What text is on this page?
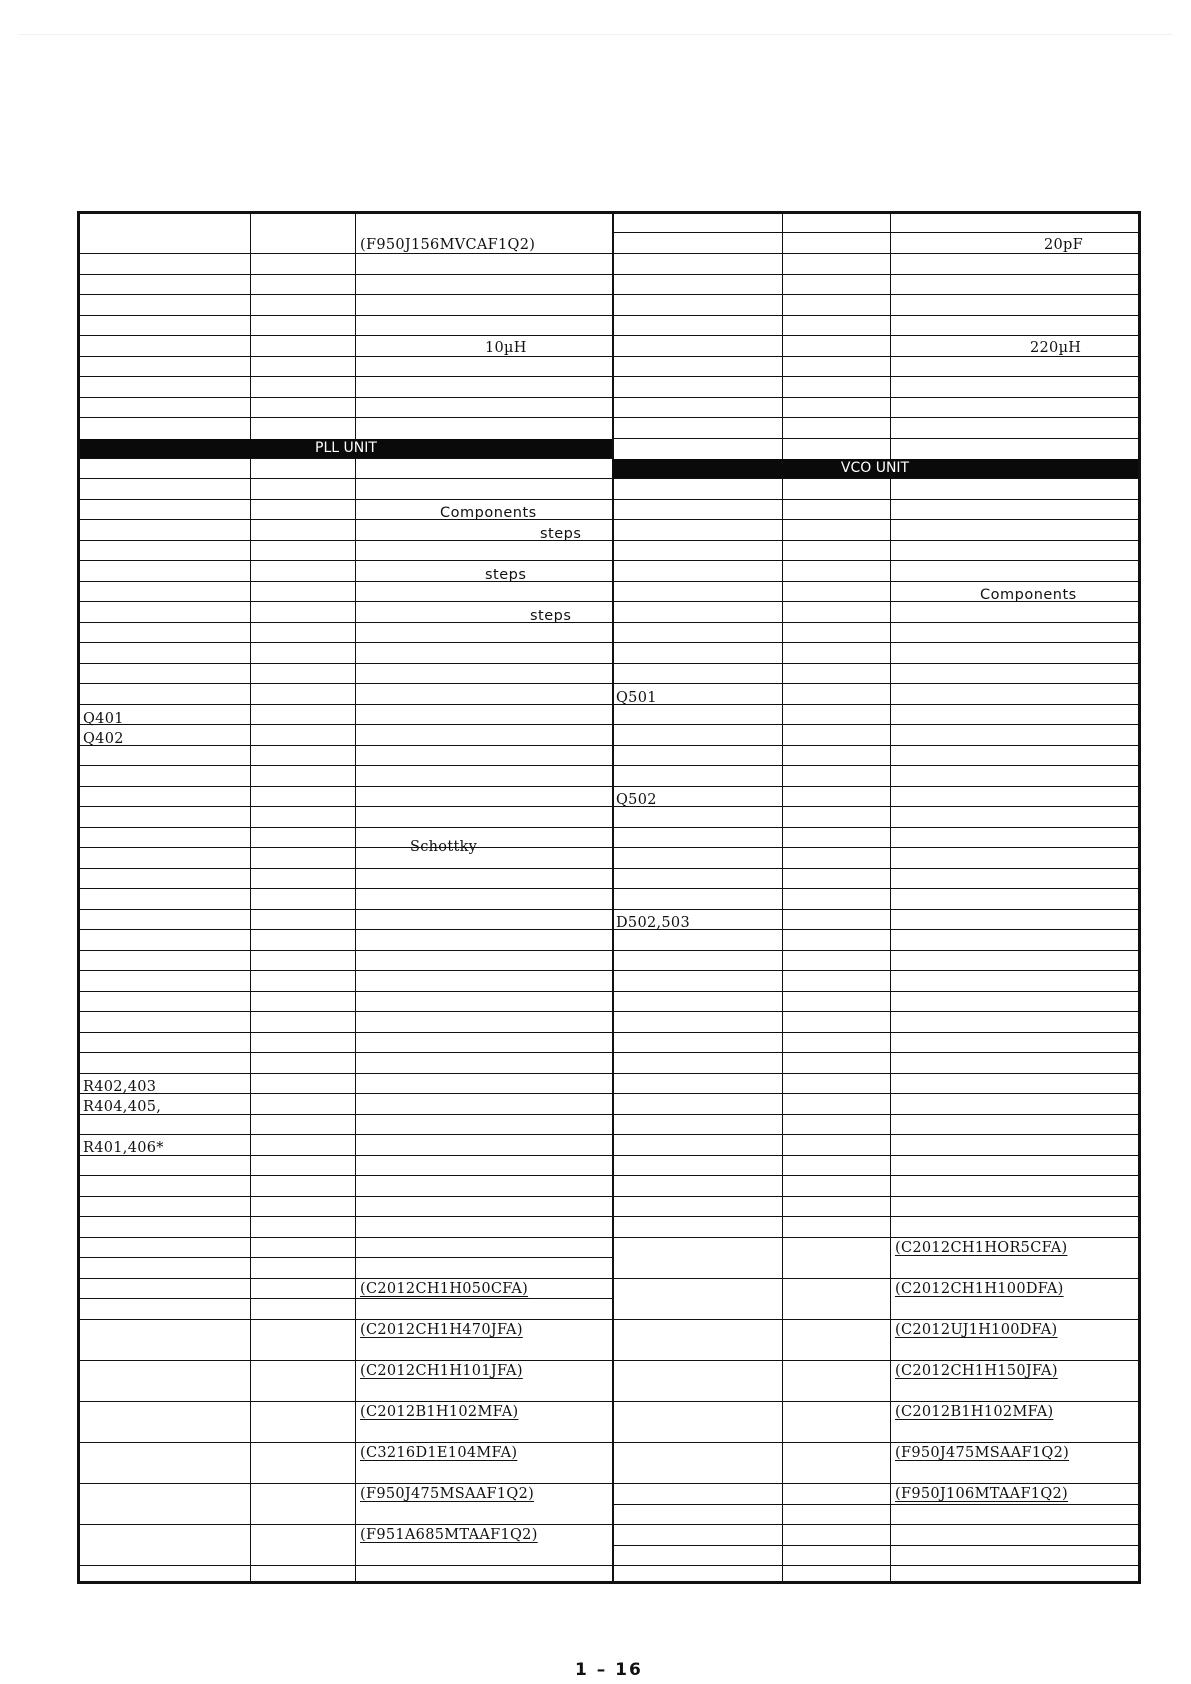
PLL UNIT
(F950J156MVCAF1Q2)
10µH
Components
steps
steps
steps
Q401
Q402
Schottky
R402,403
R404,405,
R401,406*
(C2012CH1H050CFA)
(C2012CH1H470JFA)
(C2012CH1H101JFA)
(C2012B1H102MFA)
(C3216D1E104MFA)
(F950J475MSAAF1Q2)
(F951A685MTAAF1Q2)
VCO UNIT
20pF
220µH
Components
Q501
Q502
D502,503
(C2012CH1HOR5CFA)
(C2012CH1H100DFA)
(C2012UJ1H100DFA)
(C2012CH1H150JFA)
(C2012B1H102MFA)
(F950J475MSAAF1Q2)
(F950J106MTAAF1Q2)
1 – 16
